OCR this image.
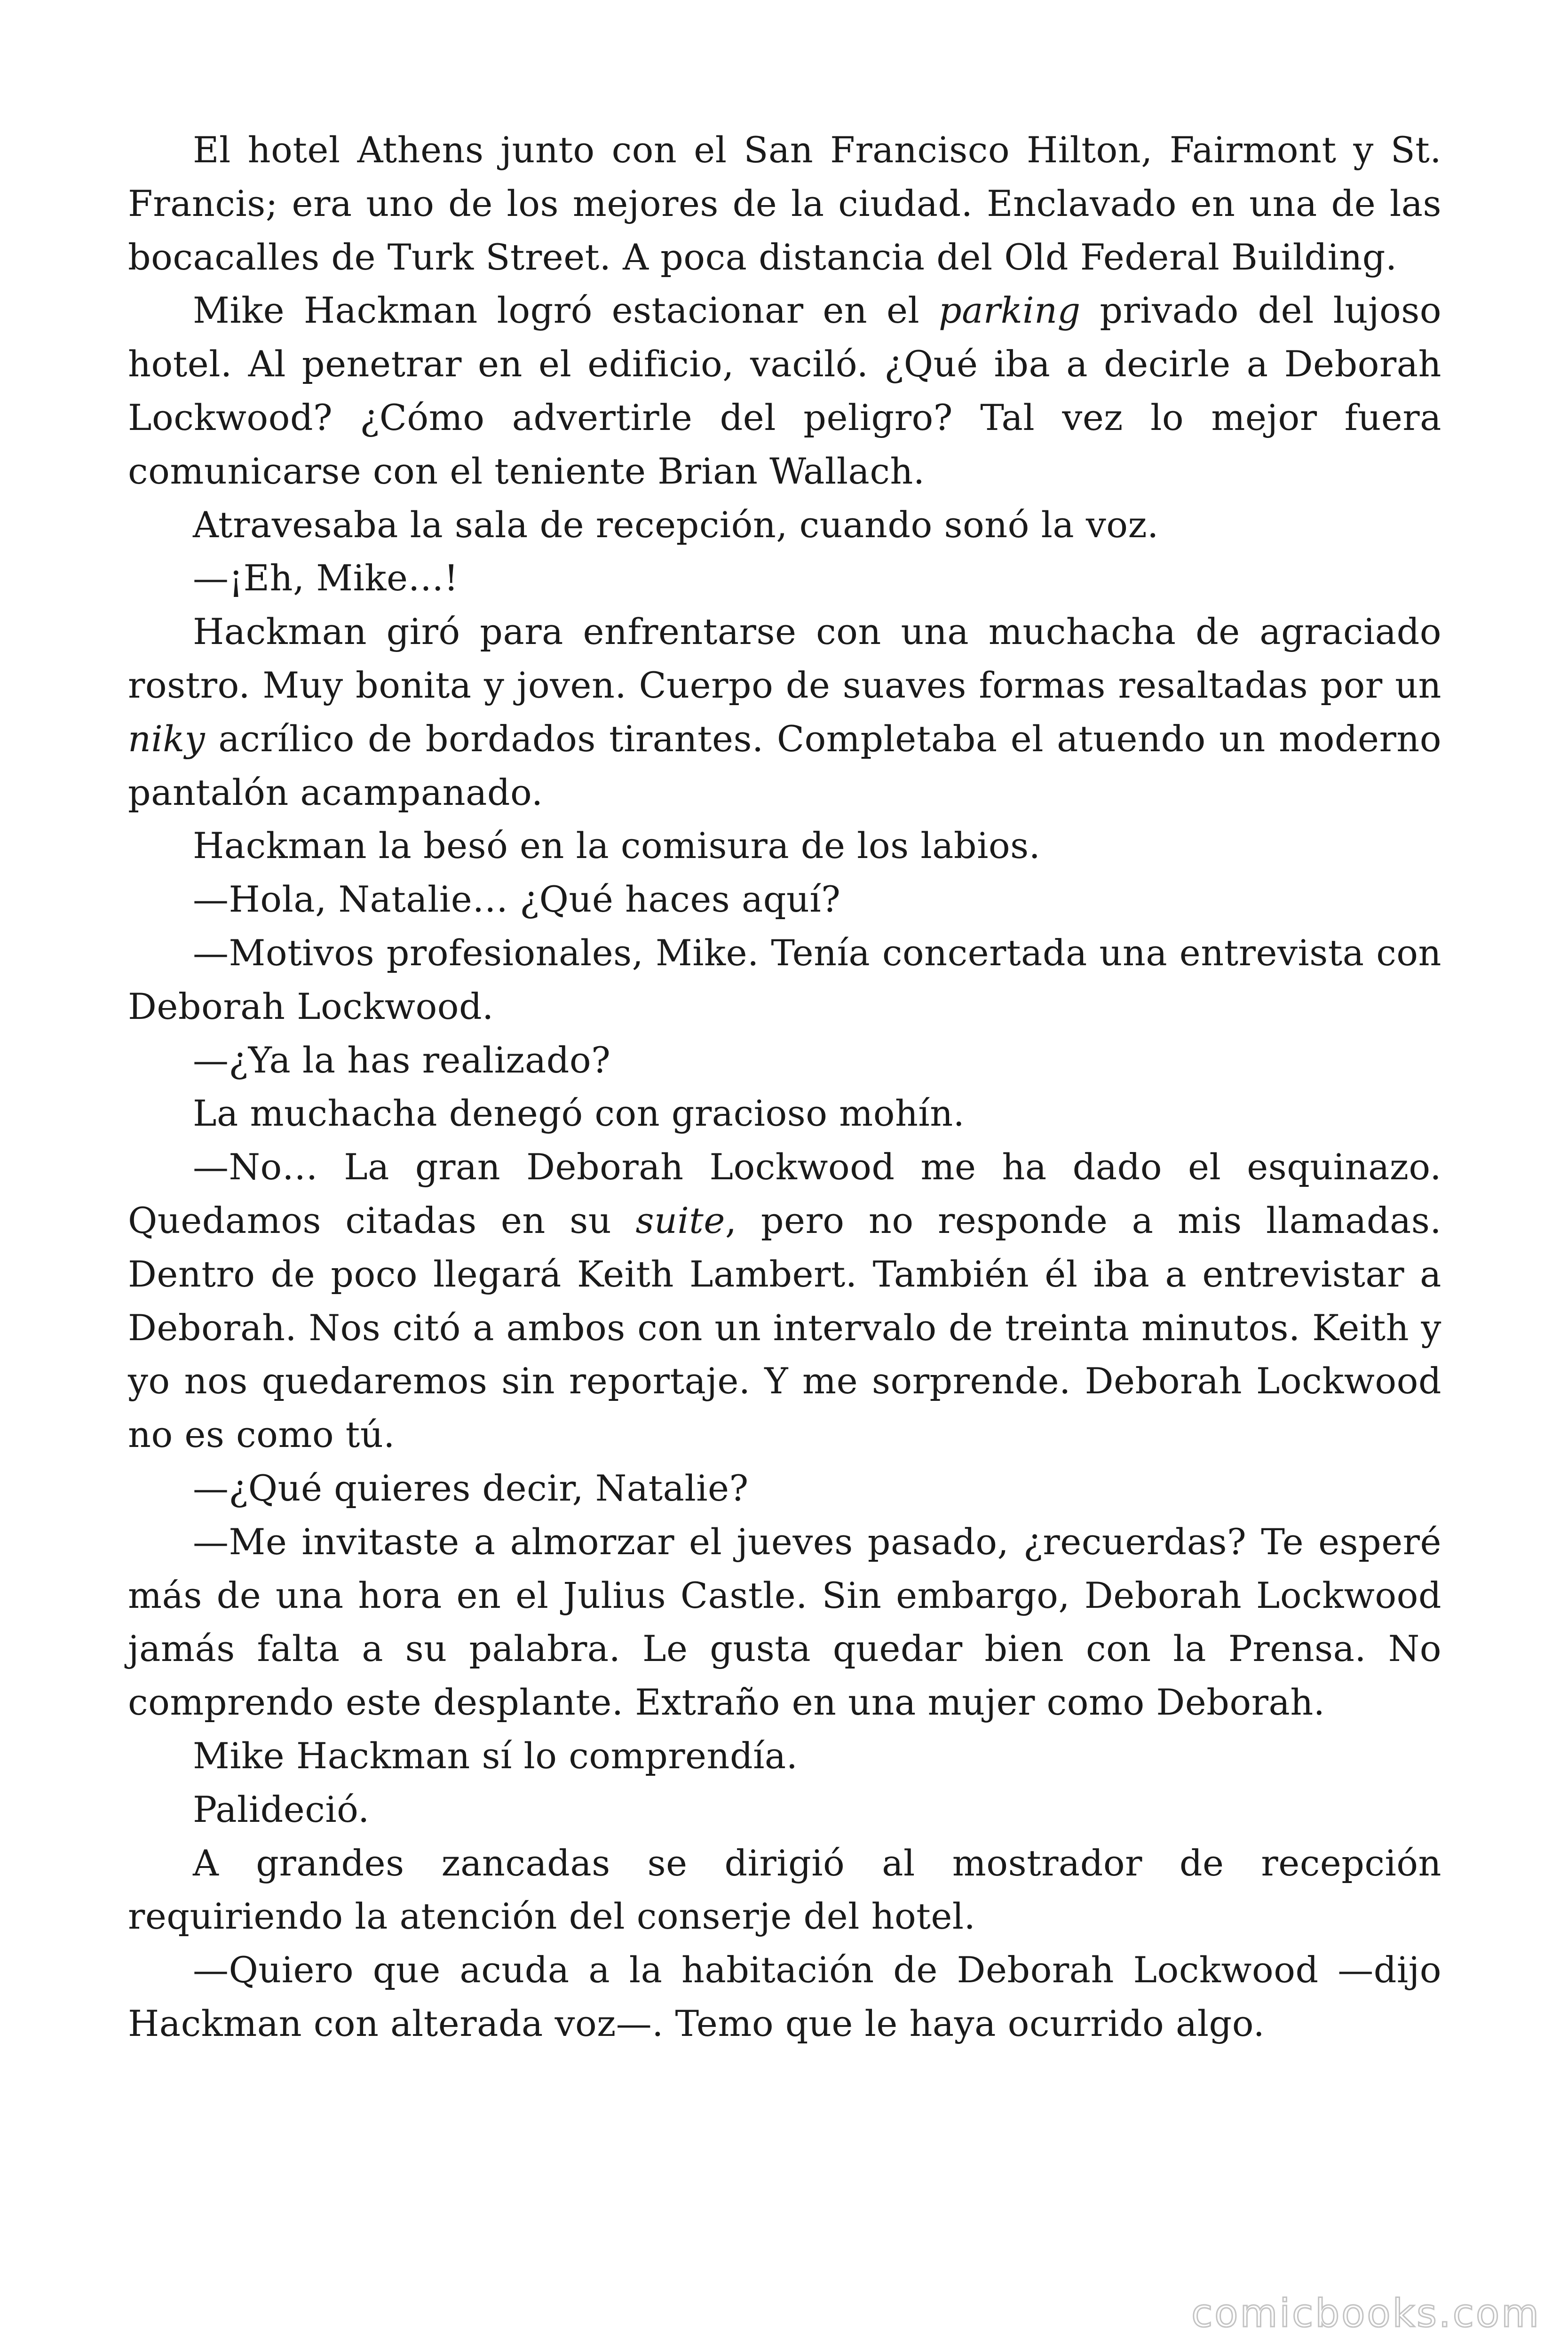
El hotel Athens junto con el San Francisco Hilton, Fairmont y St. Francis; era uno de los mejores de la ciudad. Enclavado en una de las bocacalles de Turk Street. A poca distancia del Old Federal Building.

Mike Hackman logró estacionar en el parking privado del lujoso hotel. Al penetrar en el edificio, vaciló. ¿Qué iba a decirle a Deborah Lockwood? ¿Cómo advertirle del peligro? Tal vez lo mejor fuera comunicarse con el teniente Brian Wallach.

Atravesaba la sala de recepción, cuando sonó la voz.

—¡Eh, Mike…!

Hackman giró para enfrentarse con una muchacha de agraciado rostro. Muy bonita y joven. Cuerpo de suaves formas resaltadas por un niky acrílico de bordados tirantes. Completaba el atuendo un moderno pantalón acampanado.

Hackman la besó en la comisura de los labios.

—Hola, Natalie… ¿Qué haces aquí?

—Motivos profesionales, Mike. Tenía concertada una entrevista con Deborah Lockwood.

—¿Ya la has realizado?

La muchacha denegó con gracioso mohín.

—No… La gran Deborah Lockwood me ha dado el esquinazo. Quedamos citadas en su suite, pero no responde a mis llamadas. Dentro de poco llegará Keith Lambert. También él iba a entrevistar a Deborah. Nos citó a ambos con un intervalo de treinta minutos. Keith y yo nos quedaremos sin reportaje. Y me sorprende. Deborah Lockwood no es como tú.

—¿Qué quieres decir, Natalie?

—Me invitaste a almorzar el jueves pasado, ¿recuerdas? Te esperé más de una hora en el Julius Castle. Sin embargo, Deborah Lockwood jamás falta a su palabra. Le gusta quedar bien con la Prensa. No comprendo este desplante. Extraño en una mujer como Deborah.

Mike Hackman sí lo comprendía.

Palideció.

A grandes zancadas se dirigió al mostrador de recepción requiriendo la atención del conserje del hotel.

—Quiero que acuda a la habitación de Deborah Lockwood —dijo Hackman con alterada voz—. Temo que le haya ocurrido algo.

comicbooks.com
